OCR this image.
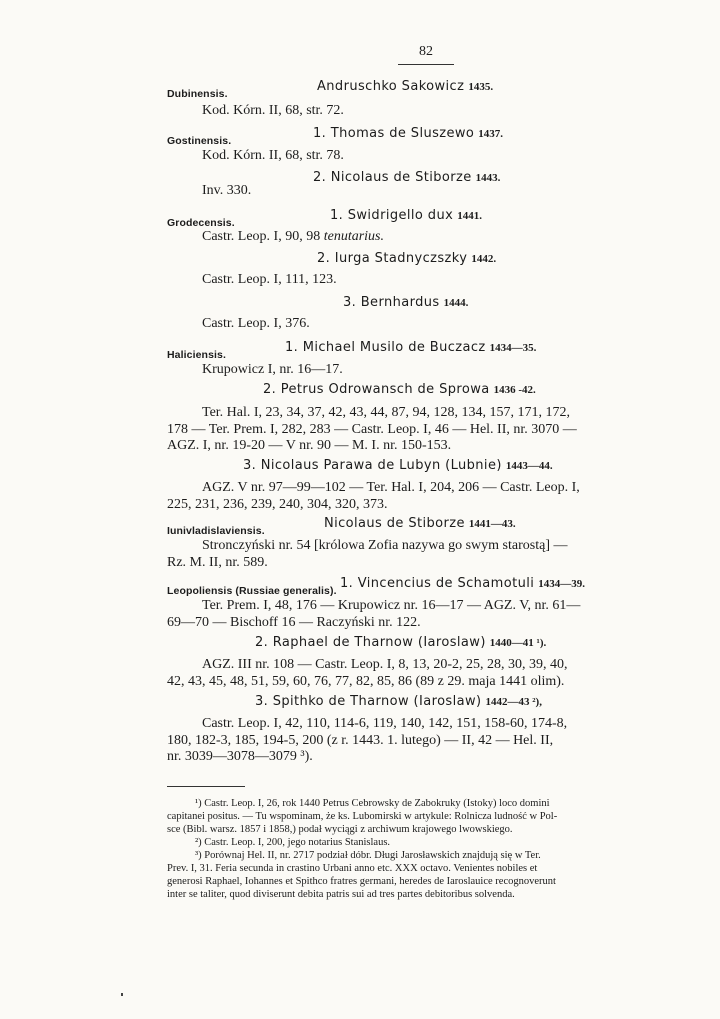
82
Dubinensis.	Andruschko Sakowicz 1435.
Kod. Kórn. II, 68, str. 72.
Gostinensis.	1. Thomas de Sluszewo 1437.
Kod. Kórn. II, 68, str. 78.
2. Nicolaus de Stiborze 1443.
Inv. 330.
Grodecensis.	1. Swidrigello dux 1441.
Castr. Leop. I, 90, 98 tenutarius.
2. Iurga Stadnyczszky 1442.
Castr. Leop. I, 111, 123.
3. Bernhardus 1444.
Castr. Leop. I, 376.
Haliciensis.	1. Michael Musilo de Buczacz 1434—35.
Krupowicz I, nr. 16—17.
2. Petrus Odrowansch de Sprowa 1436 -42.
Ter. Hal. I, 23, 34, 37, 42, 43, 44, 87, 94, 128, 134, 157, 171, 172,
178 — Ter. Prem. I, 282, 283 — Castr. Leop. I, 46 — Hel. II, nr. 3070 —
AGZ. I, nr. 19-20 — V nr. 90 — M. I. nr. 150-153.
3. Nicolaus Parawa de Lubyn (Lubnie) 1443—44.
AGZ. V nr. 97—99—102 — Ter. Hal. I, 204, 206 — Castr. Leop. I,
225, 231, 236, 239, 240, 304, 320, 373.
Iunivladislaviensis.	Nicolaus de Stiborze 1441—43.
Stronczyński nr. 54 [królowa Zofia nazywa go swym starostą] —
Rz. M. II, nr. 589.
Leopoliensis (Russiae generalis). 1. Vincencius de Schamotuli 1434—39.
Ter. Prem. I, 48, 176 — Krupowicz nr. 16—17 — AGZ. V, nr. 61—
69—70 — Bischoff 16 — Raczyński nr. 122.
2. Raphael de Tharnow (Iaroslaw) 1440—41 ¹).
AGZ. III nr. 108 — Castr. Leop. I, 8, 13, 20-2, 25, 28, 30, 39, 40,
42, 43, 45, 48, 51, 59, 60, 76, 77, 82, 85, 86 (89 z 29. maja 1441 olim).
3. Spithko de Tharnow (Iaroslaw) 1442—43 ²),
Castr. Leop. I, 42, 110, 114-6, 119, 140, 142, 151, 158-60, 174-8,
180, 182-3, 185, 194-5, 200 (z r. 1443. 1. lutego) — II, 42 — Hel. II,
nr. 3039—3078—3079 ³).
¹) Castr. Leop. I, 26, rok 1440 Petrus Cebrowsky de Zabokruky (Istoky) loco domini
capitanei positus. — Tu wspominam, że ks. Lubomirski w artykule: Rolnicza ludność w Pol-
sce (Bibl. warsz. 1857 i 1858,) podał wyciągi z archiwum krajowego lwowskiego.
²) Castr. Leop. I, 200, jego notarius Stanislaus.
³) Porównaj Hel. II, nr. 2717 podział dóbr. Długi Jarosławskich znajdują się w Ter.
Prev. I, 31. Feria secunda in crastino Urbani anno etc. XXX octavo. Venientes nobiles et
generosi Raphael, Iohannes et Spithco fratres germani, heredes de Iaroslauice recognoverunt
inter se taliter, quod diviserunt debita patris sui ad tres partes debitoribus solvenda.
